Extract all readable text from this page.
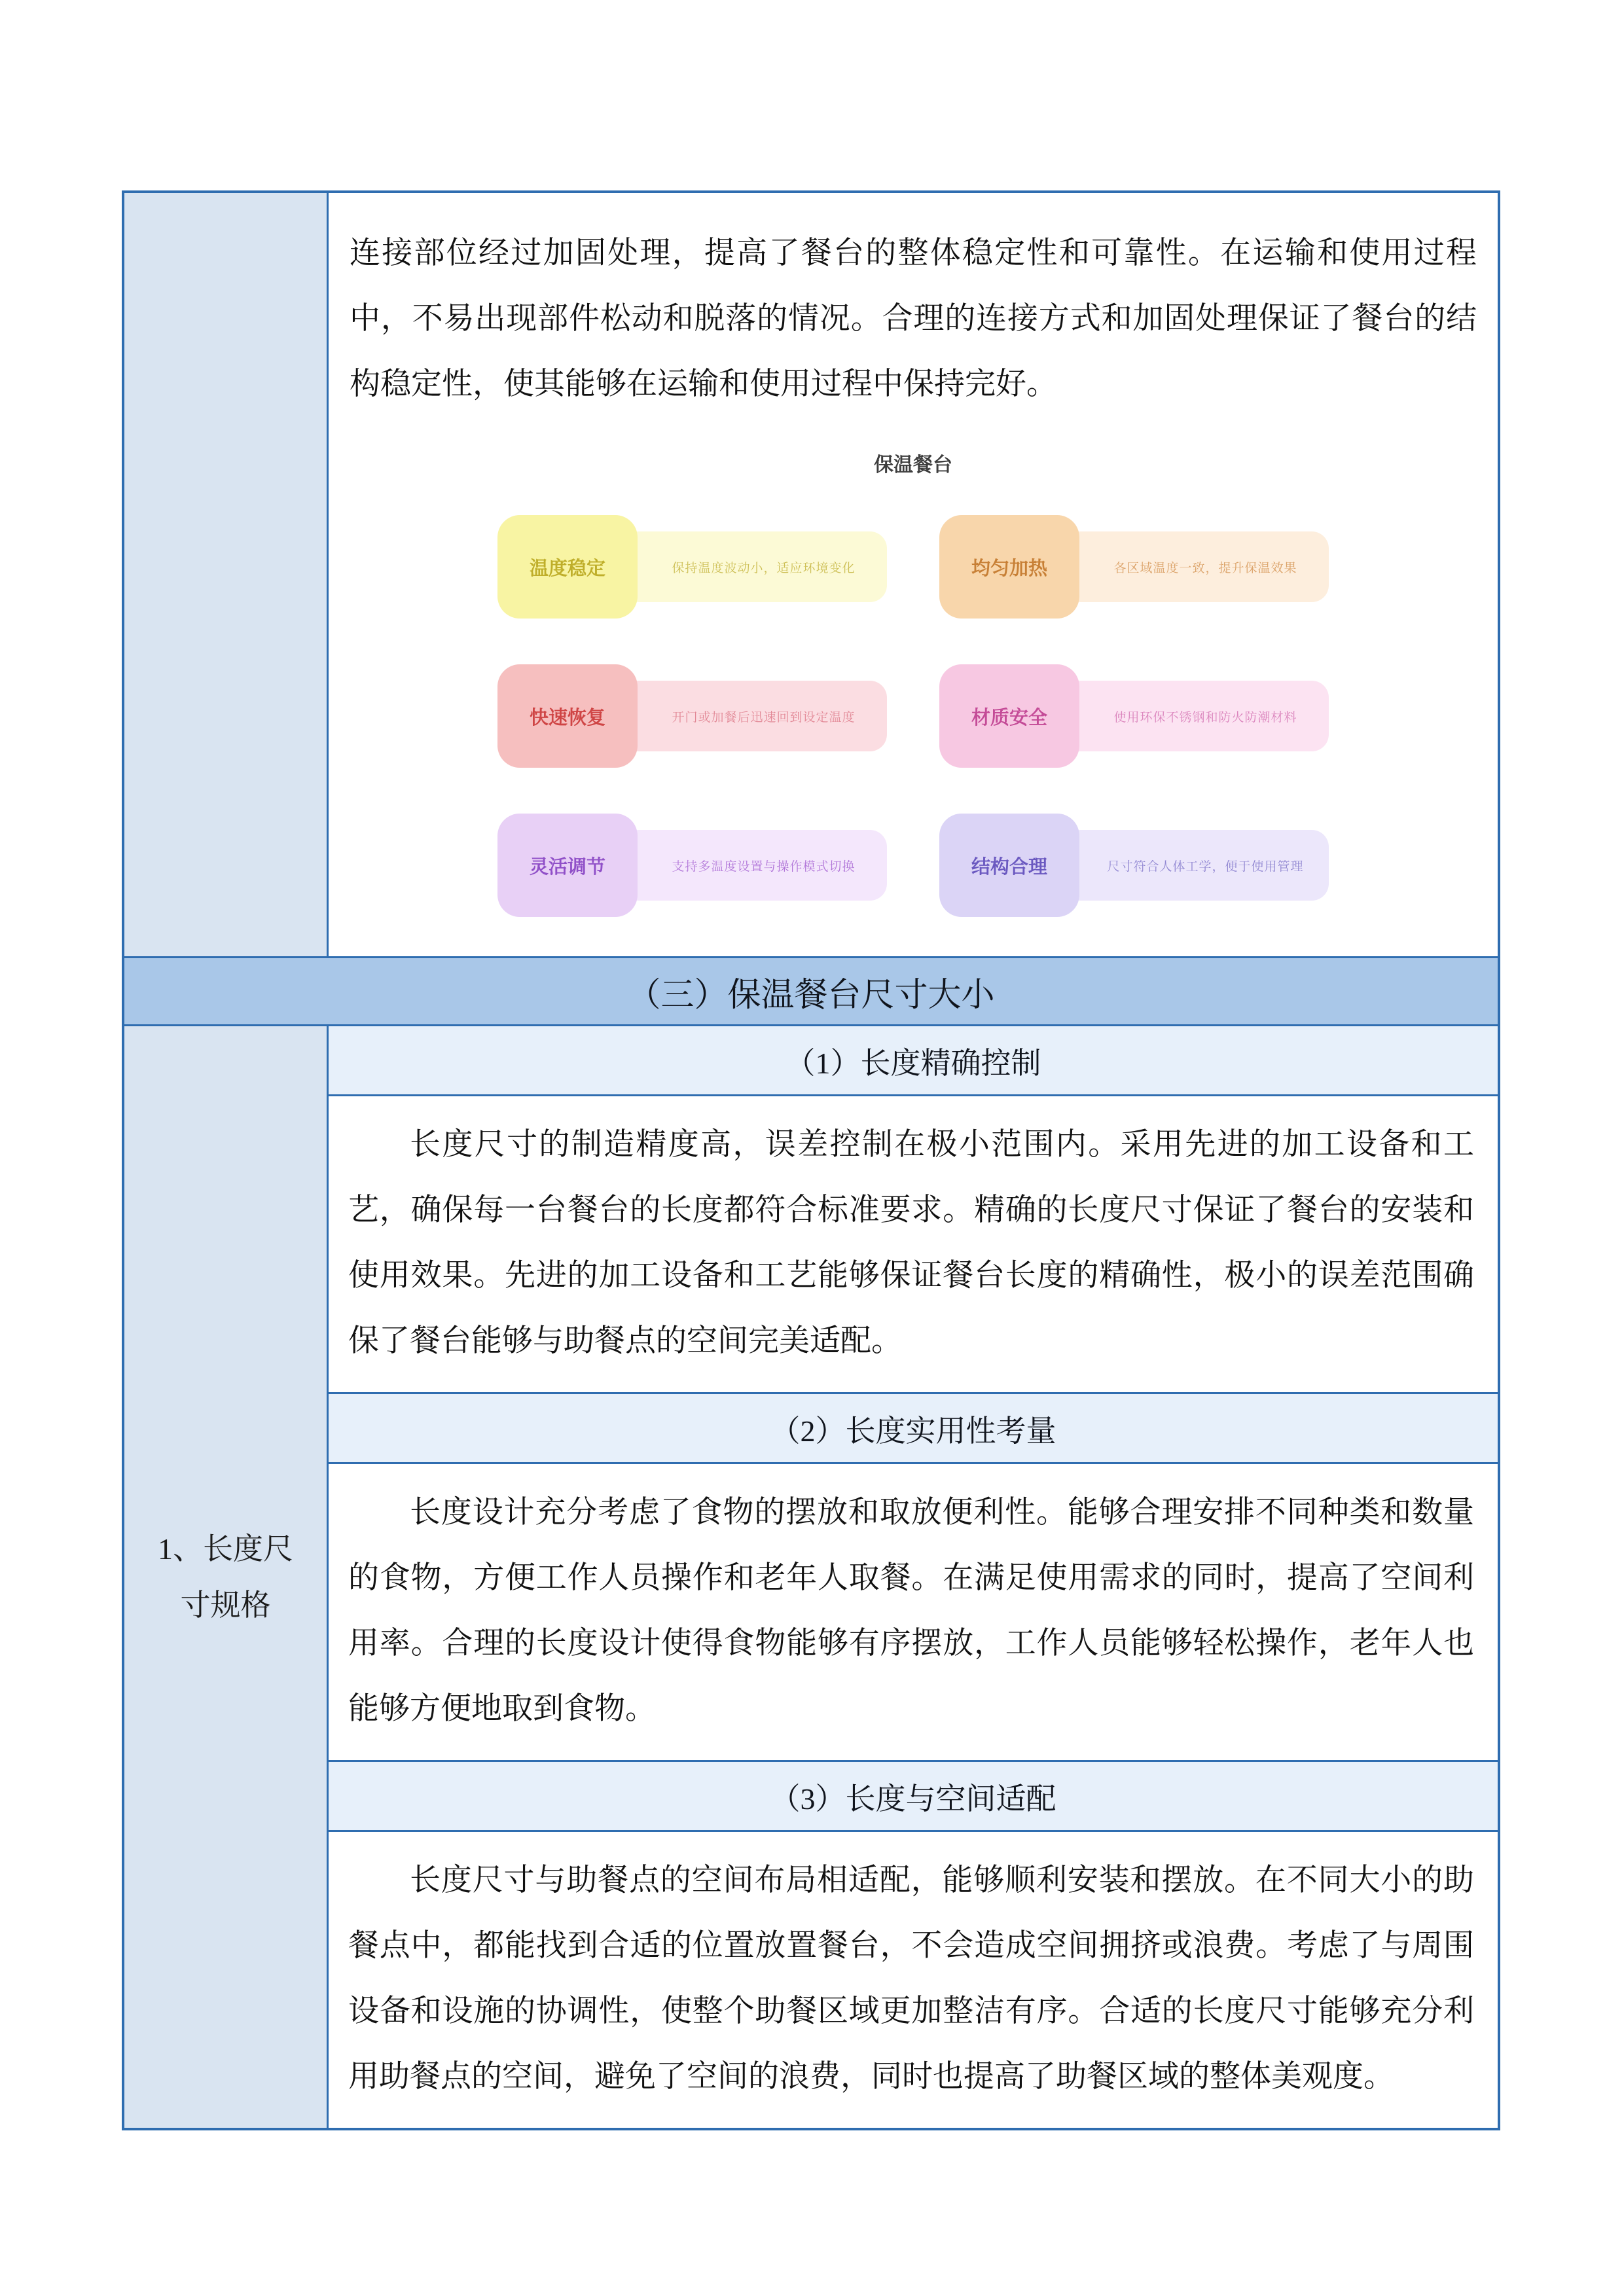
连接部位经过加固处理，提高了餐台的整体稳定性和可靠性。在运输和使用过程中，不易出现部件松动和脱落的情况。合理的连接方式和加固处理保证了餐台的结构稳定性，使其能够在运输和使用过程中保持完好。

保温餐台
温度稳定	保持温度波动小，适应环境变化	均匀加热	各区域温度一致，提升保温效果
快速恢复	开门或加餐后迅速回到设定温度	材质安全	使用环保不锈钢和防火防潮材料
灵活调节	支持多温度设置与操作模式切换	结构合理	尺寸符合人体工学，便于使用管理
（三）保温餐台尺寸大小
1、长度尺寸规格
（1）长度精确控制

长度尺寸的制造精度高，误差控制在极小范围内。采用先进的加工设备和工艺，确保每一台餐台的长度都符合标准要求。精确的长度尺寸保证了餐台的安装和使用效果。先进的加工设备和工艺能够保证餐台长度的精确性，极小的误差范围确保了餐台能够与助餐点的空间完美适配。

（2）长度实用性考量

长度设计充分考虑了食物的摆放和取放便利性。能够合理安排不同种类和数量的食物，方便工作人员操作和老年人取餐。在满足使用需求的同时，提高了空间利用率。合理的长度设计使得食物能够有序摆放，工作人员能够轻松操作，老年人也能够方便地取到食物。

（3）长度与空间适配

长度尺寸与助餐点的空间布局相适配，能够顺利安装和摆放。在不同大小的助餐点中，都能找到合适的位置放置餐台，不会造成空间拥挤或浪费。考虑了与周围设备和设施的协调性，使整个助餐区域更加整洁有序。合适的长度尺寸能够充分利用助餐点的空间，避免了空间的浪费，同时也提高了助餐区域的整体美观度。
